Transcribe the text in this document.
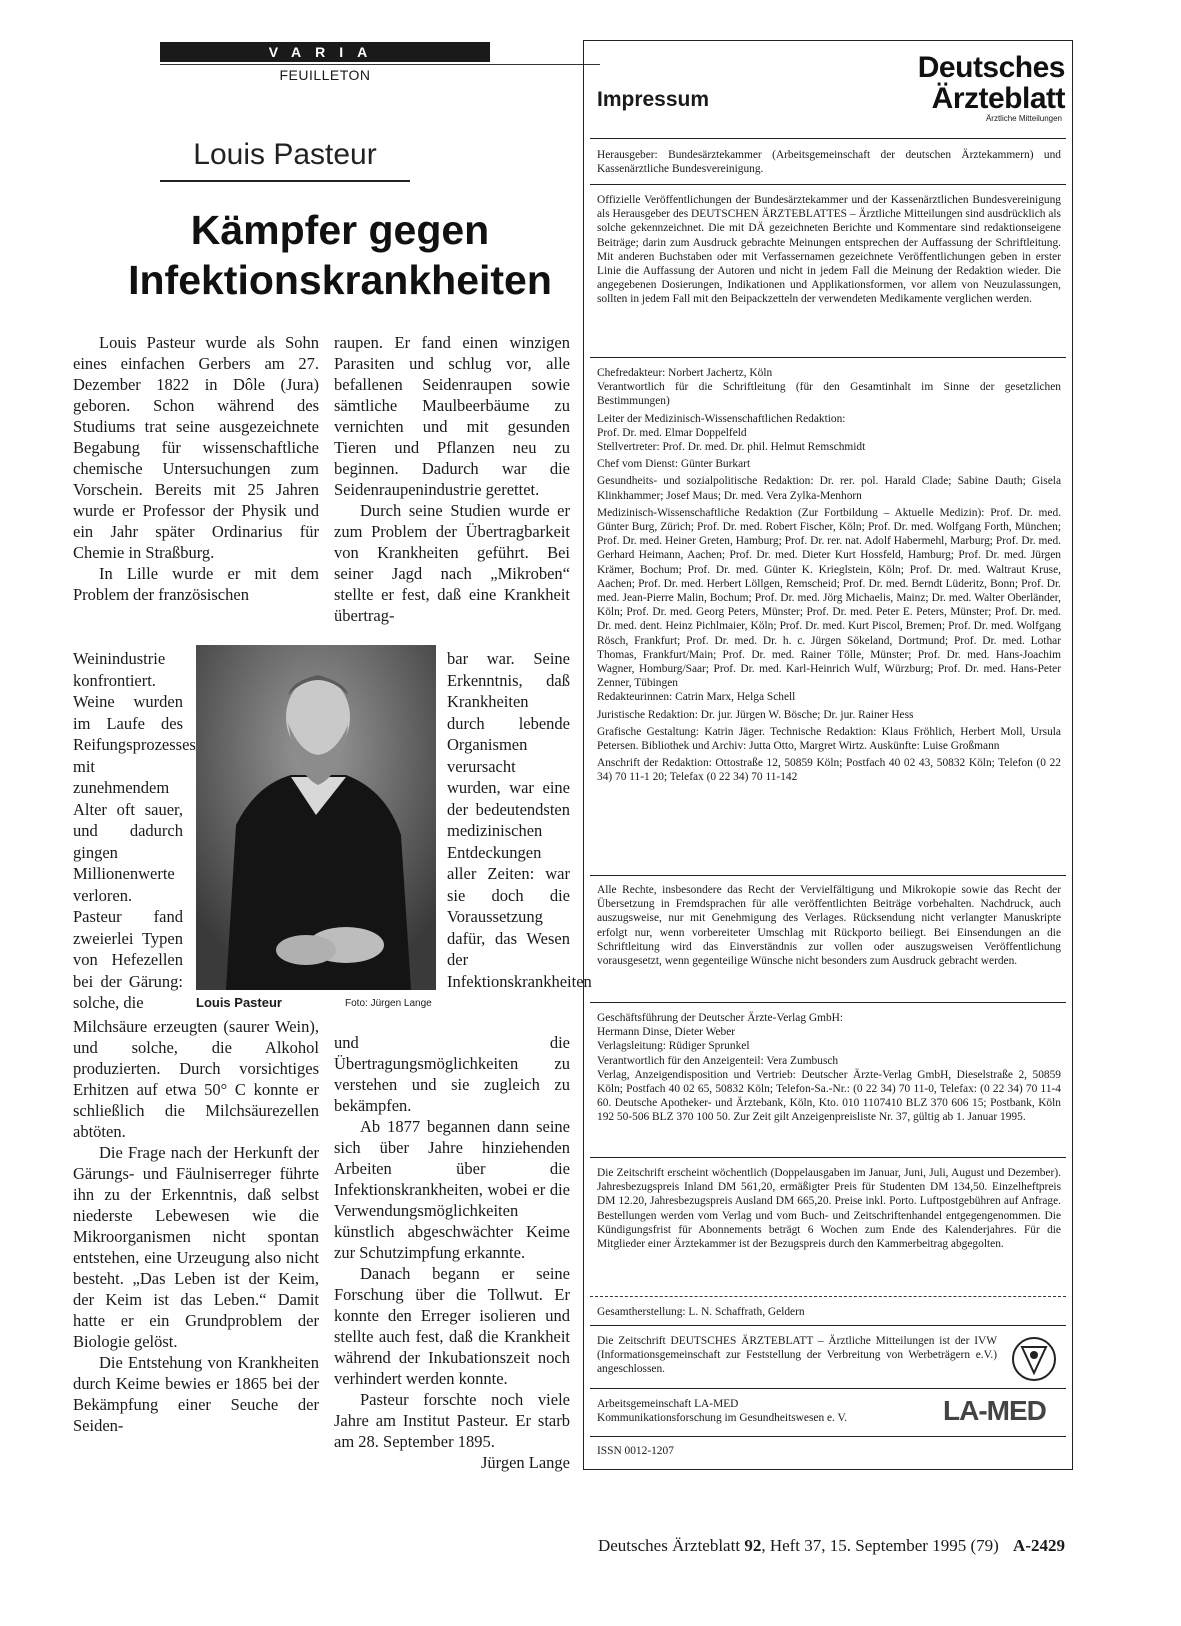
VARIA
FEUILLETON
Louis Pasteur
Kämpfer gegen
Infektionskrankheiten

Louis Pasteur wurde als Sohn eines einfachen Gerbers am 27. Dezember 1822 in Dôle (Jura) geboren. Schon während des Studiums trat seine ausgezeichnete Begabung für wissenschaftliche chemische Untersuchungen zum Vorschein. Bereits mit 25 Jahren wurde er Professor der Physik und ein Jahr später Ordinarius für Chemie in Straßburg.

In Lille wurde er mit dem Problem der französischen

Weinindustrie konfrontiert. Weine wurden im Laufe des Reifungsprozesses mit zunehmendem Alter oft sauer, und dadurch gingen Millionenwerte verloren. Pasteur fand zweierlei Typen von Hefezellen bei der Gärung: solche, die

Milchsäure erzeugten (saurer Wein), und solche, die Alkohol produzierten. Durch vorsichtiges Erhitzen auf etwa 50° C konnte er schließlich die Milchsäurezellen abtöten.

Die Frage nach der Herkunft der Gärungs- und Fäulniserreger führte ihn zu der Erkenntnis, daß selbst niederste Lebewesen wie die Mikroorganismen nicht spontan entstehen, eine Urzeugung also nicht besteht. „Das Leben ist der Keim, der Keim ist das Leben.“ Damit hatte er ein Grundproblem der Biologie gelöst.

Die Entstehung von Krankheiten durch Keime bewies er 1865 bei der Bekämpfung einer Seuche der Seiden-

raupen. Er fand einen winzigen Parasiten und schlug vor, alle befallenen Seidenraupen sowie sämtliche Maulbeerbäume zu vernichten und mit gesunden Tieren und Pflanzen neu zu beginnen. Dadurch war die Seidenraupenindustrie gerettet.

Durch seine Studien wurde er zum Problem der Übertragbarkeit von Krankheiten geführt. Bei seiner Jagd nach „Mikroben“ stellte er fest, daß eine Krankheit übertrag-

bar war. Seine Erkenntnis, daß Krankheiten durch lebende Organismen verursacht wurden, war eine der bedeutendsten medizinischen Entdeckungen aller Zeiten: war sie doch die Voraussetzung dafür, das Wesen der Infektionskrankheiten

und die Übertragungsmöglichkeiten zu verstehen und sie zugleich zu bekämpfen.

Ab 1877 begannen dann seine sich über Jahre hinziehenden Arbeiten über die Infektionskrankheiten, wobei er die Verwendungsmöglichkeiten künstlich abgeschwächter Keime zur Schutzimpfung erkannte.

Danach begann er seine Forschung über die Tollwut. Er konnte den Erreger isolieren und stellte auch fest, daß die Krankheit während der Inkubationszeit noch verhindert werden konnte.

Pasteur forschte noch viele Jahre am Institut Pasteur. Er starb am 28. September 1895.
Jürgen Lange

Louis Pasteur	Foto: Jürgen Lange
Impressum
Deutsches
Ärzteblatt
Ärztliche Mitteilungen
Herausgeber: Bundesärztekammer (Arbeitsgemeinschaft der deutschen Ärztekammern) und Kassenärztliche Bundesvereinigung.
Offizielle Veröffentlichungen der Bundesärztekammer und der Kassenärztlichen Bundesvereinigung als Herausgeber des DEUTSCHEN ÄRZTEBLATTES – Ärztliche Mitteilungen sind ausdrücklich als solche gekennzeichnet. Die mit DÄ gezeichneten Berichte und Kommentare sind redaktionseigene Beiträge; darin zum Ausdruck gebrachte Meinungen entsprechen der Auffassung der Schriftleitung. Mit anderen Buchstaben oder mit Verfassernamen gezeichnete Veröffentlichungen geben in erster Linie die Auffassung der Autoren und nicht in jedem Fall die Meinung der Redaktion wieder. Die angegebenen Dosierungen, Indikationen und Applikationsformen, vor allem von Neuzulassungen, sollten in jedem Fall mit den Beipackzetteln der verwendeten Medikamente verglichen werden.

Chefredakteur: Norbert Jachertz, Köln

Verantwortlich für die Schriftleitung (für den Gesamtinhalt im Sinne der gesetzlichen Bestimmungen)

Leiter der Medizinisch-Wissenschaftlichen Redaktion:

Prof. Dr. med. Elmar Doppelfeld

Stellvertreter: Prof. Dr. med. Dr. phil. Helmut Remschmidt

Chef vom Dienst: Günter Burkart

Gesundheits- und sozialpolitische Redaktion: Dr. rer. pol. Harald Clade; Sabine Dauth; Gisela Klinkhammer; Josef Maus; Dr. med. Vera Zylka-Menhorn

Medizinisch-Wissenschaftliche Redaktion (Zur Fortbildung – Aktuelle Medizin): Prof. Dr. med. Günter Burg, Zürich; Prof. Dr. med. Robert Fischer, Köln; Prof. Dr. med. Wolfgang Forth, München; Prof. Dr. med. Heiner Greten, Hamburg; Prof. Dr. rer. nat. Adolf Habermehl, Marburg; Prof. Dr. med. Gerhard Heimann, Aachen; Prof. Dr. med. Dieter Kurt Hossfeld, Hamburg; Prof. Dr. med. Jürgen Krämer, Bochum; Prof. Dr. med. Günter K. Krieglstein, Köln; Prof. Dr. med. Waltraut Kruse, Aachen; Prof. Dr. med. Herbert Löllgen, Remscheid; Prof. Dr. med. Berndt Lüderitz, Bonn; Prof. Dr. med. Jean-Pierre Malin, Bochum; Prof. Dr. med. Jörg Michaelis, Mainz; Dr. med. Walter Oberländer, Köln; Prof. Dr. med. Georg Peters, Münster; Prof. Dr. med. Peter E. Peters, Münster; Prof. Dr. med. Dr. med. dent. Heinz Pichlmaier, Köln; Prof. Dr. med. Kurt Piscol, Bremen; Prof. Dr. med. Wolfgang Rösch, Frankfurt; Prof. Dr. med. Dr. h. c. Jürgen Sökeland, Dortmund; Prof. Dr. med. Lothar Thomas, Frankfurt/Main; Prof. Dr. med. Rainer Tölle, Münster; Prof. Dr. med. Hans-Joachim Wagner, Homburg/Saar; Prof. Dr. med. Karl-Heinrich Wulf, Würzburg; Prof. Dr. med. Hans-Peter Zenner, Tübingen

Redakteurinnen: Catrin Marx, Helga Schell

Juristische Redaktion: Dr. jur. Jürgen W. Bösche; Dr. jur. Rainer Hess

Grafische Gestaltung: Katrin Jäger. Technische Redaktion: Klaus Fröhlich, Herbert Moll, Ursula Petersen. Bibliothek und Archiv: Jutta Otto, Margret Wirtz. Auskünfte: Luise Großmann

Anschrift der Redaktion: Ottostraße 12, 50859 Köln; Postfach 40 02 43, 50832 Köln; Telefon (0 22 34) 70 11-1 20; Telefax (0 22 34) 70 11-142

Alle Rechte, insbesondere das Recht der Vervielfältigung und Mikrokopie sowie das Recht der Übersetzung in Fremdsprachen für alle veröffentlichten Beiträge vorbehalten. Nachdruck, auch auszugsweise, nur mit Genehmigung des Verlages. Rücksendung nicht verlangter Manuskripte erfolgt nur, wenn vorbereiteter Umschlag mit Rückporto beiliegt. Bei Einsendungen an die Schriftleitung wird das Einverständnis zur vollen oder auszugsweisen Veröffentlichung vorausgesetzt, wenn gegenteilige Wünsche nicht besonders zum Ausdruck gebracht werden.

Geschäftsführung der Deutscher Ärzte-Verlag GmbH:

Hermann Dinse, Dieter Weber

Verlagsleitung: Rüdiger Sprunkel

Verantwortlich für den Anzeigenteil: Vera Zumbusch

Verlag, Anzeigendisposition und Vertrieb: Deutscher Ärzte-Verlag GmbH, Dieselstraße 2, 50859 Köln; Postfach 40 02 65, 50832 Köln; Telefon-Sa.-Nr.: (0 22 34) 70 11-0, Telefax: (0 22 34) 70 11-4 60. Deutsche Apotheker- und Ärztebank, Köln, Kto. 010 1107410 BLZ 370 606 15; Postbank, Köln 192 50-506 BLZ 370 100 50. Zur Zeit gilt Anzeigenpreisliste Nr. 37, gültig ab 1. Januar 1995.

Die Zeitschrift erscheint wöchentlich (Doppelausgaben im Januar, Juni, Juli, August und Dezember). Jahresbezugspreis Inland DM 561,20, ermäßigter Preis für Studenten DM 134,50. Einzelheftpreis DM 12.20, Jahresbezugspreis Ausland DM 665,20. Preise inkl. Porto. Luftpostgebühren auf Anfrage. Bestellungen werden vom Verlag und vom Buch- und Zeitschriftenhandel entgegengenommen. Die Kündigungsfrist für Abonnements beträgt 6 Wochen zum Ende des Kalenderjahres. Für die Mitglieder einer Ärztekammer ist der Bezugspreis durch den Kammerbeitrag abgegolten.
Gesamtherstellung: L. N. Schaffrath, Geldern
Die Zeitschrift DEUTSCHES ÄRZTEBLATT – Ärztliche Mitteilungen ist der IVW (Informationsgemeinschaft zur Feststellung der Verbreitung von Werbeträgern e.V.) angeschlossen.

Arbeitsgemeinschaft LA-MED

Kommunikationsforschung im Gesundheitswesen e. V.	LA-MED
ISSN 0012-1207
Deutsches Ärzteblatt 92, Heft 37, 15. September 1995 (79) A-2429
